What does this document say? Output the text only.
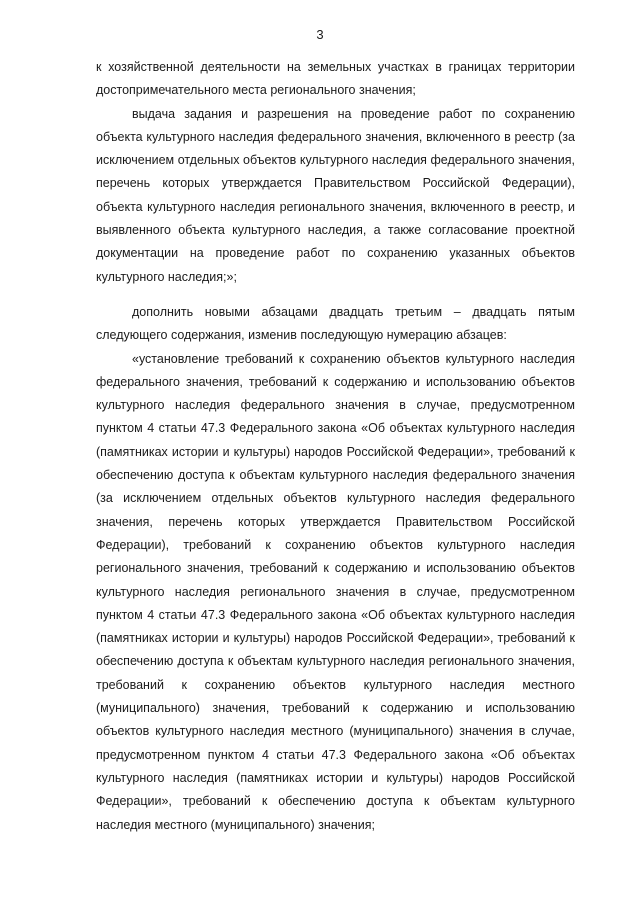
3

к хозяйственной деятельности на земельных участках в границах территории достопримечательного места регионального значения;

выдача задания и разрешения на проведение работ по сохранению объекта культурного наследия федерального значения, включенного в реестр (за исключением отдельных объектов культурного наследия федерального значения, перечень которых утверждается Правительством Российской Федерации), объекта культурного наследия регионального значения, включенного в реестр, и выявленного объекта культурного наследия, а также согласование проектной документации на проведение работ по сохранению указанных объектов культурного наследия;»;

дополнить новыми абзацами двадцать третьим – двадцать пятым следующего содержания, изменив последующую нумерацию абзацев:

«установление требований к сохранению объектов культурного наследия федерального значения, требований к содержанию и использованию объектов культурного наследия федерального значения в случае, предусмотренном пунктом 4 статьи 47.3 Федерального закона «Об объектах культурного наследия (памятниках истории и культуры) народов Российской Федерации», требований к обеспечению доступа к объектам культурного наследия федерального значения (за исключением отдельных объектов культурного наследия федерального значения, перечень которых утверждается Правительством Российской Федерации), требований к сохранению объектов культурного наследия регионального значения, требований к содержанию и использованию объектов культурного наследия регионального значения в случае, предусмотренном пунктом 4 статьи 47.3 Федерального закона «Об объектах культурного наследия (памятниках истории и культуры) народов Российской Федерации», требований к обеспечению доступа к объектам культурного наследия регионального значения, требований к сохранению объектов культурного наследия местного (муниципального) значения, требований к содержанию и использованию объектов культурного наследия местного (муниципального) значения в случае, предусмотренном пунктом 4 статьи 47.3 Федерального закона «Об объектах культурного наследия (памятниках истории и культуры) народов Российской Федерации», требований к обеспечению доступа к объектам культурного наследия местного (муниципального) значения;
